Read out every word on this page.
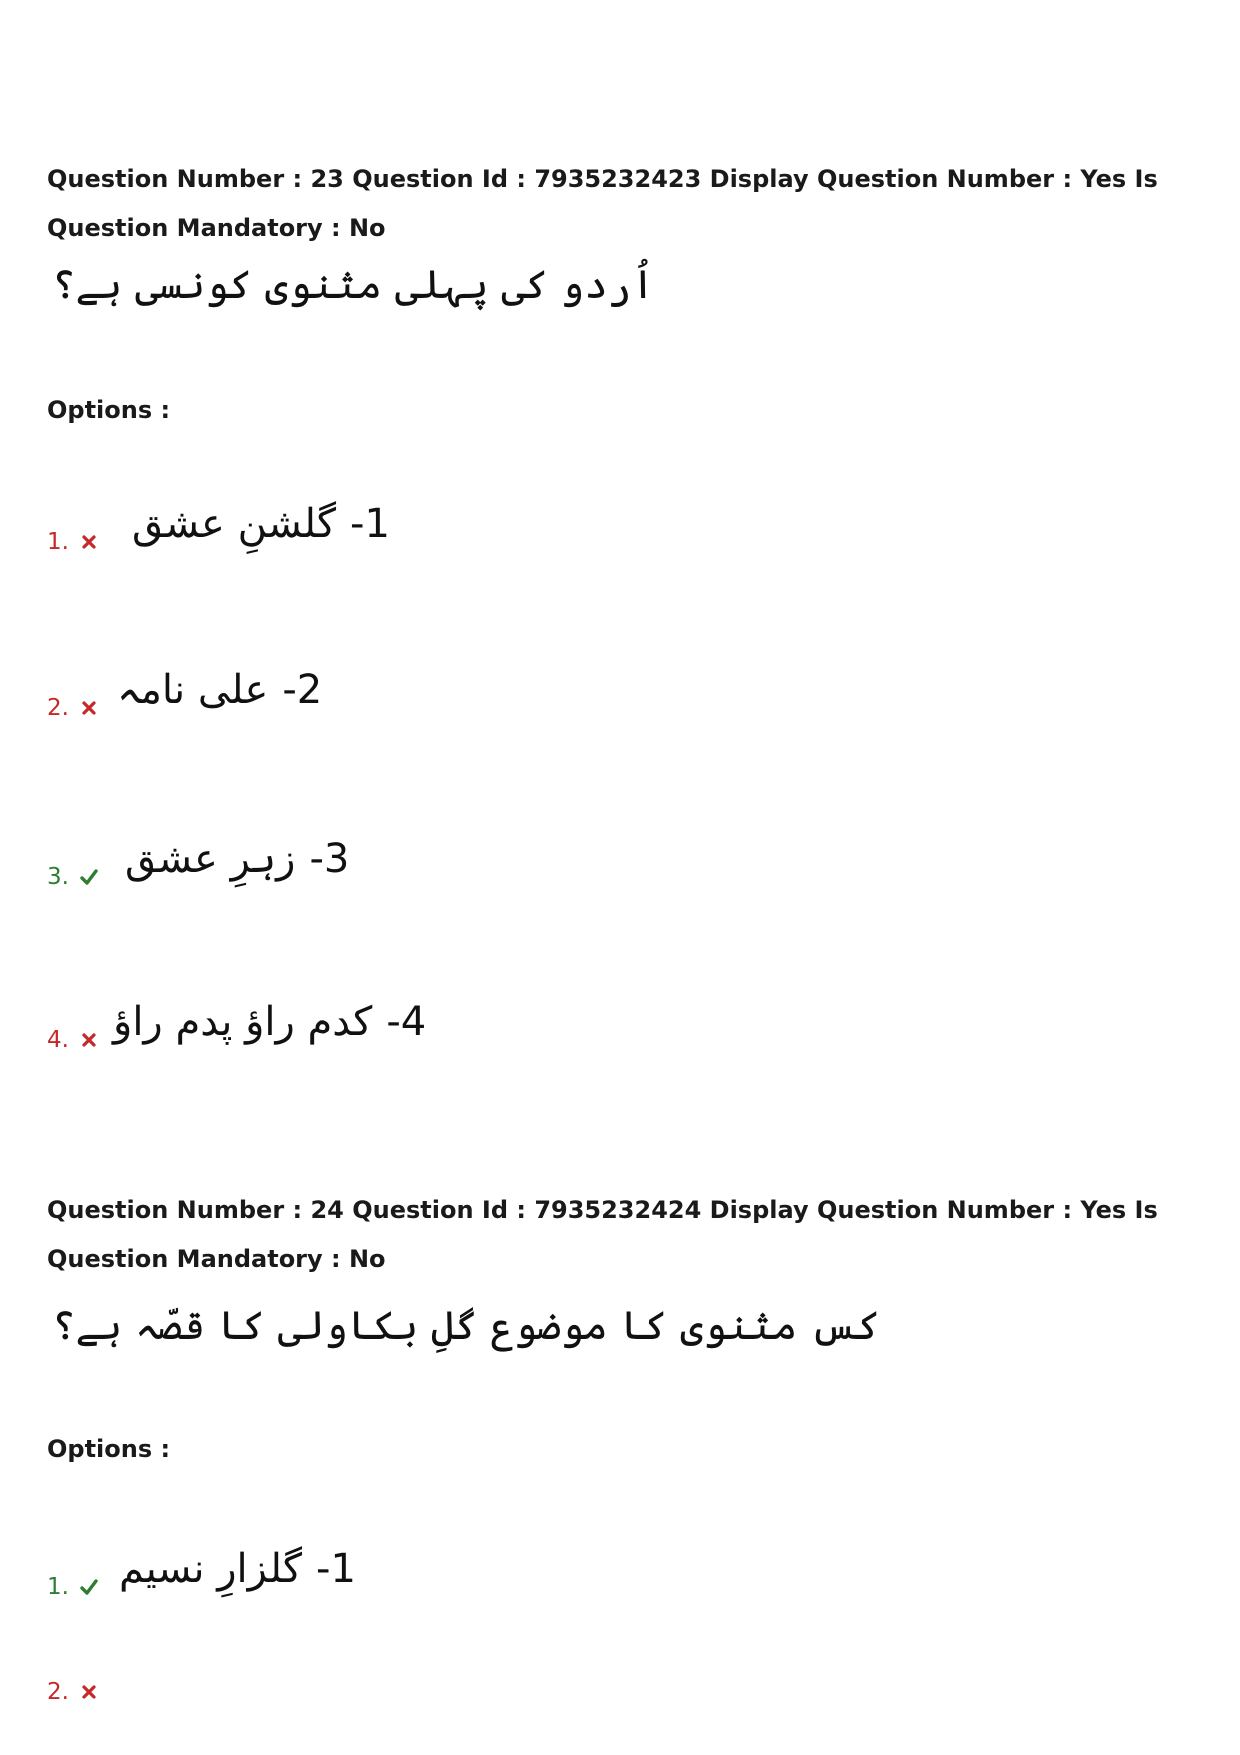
Question Number : 23 Question Id : 7935232423 Display Question Number : Yes Is Question Mandatory : No
اُردو کی پہلی مثنوی کونسی ہے؟
Options :
1. گلشنِ عشق -1
2. علی نامہ -2
3. زہرِ عشق -3
4. کدم راؤ پدم راؤ -4
Question Number : 24 Question Id : 7935232424 Display Question Number : Yes Is Question Mandatory : No
کس مثنوی کا موضوع گلِ بکاولی کا قصّہ ہے؟
Options :
1. گلزارِ نسیم -1
2.
